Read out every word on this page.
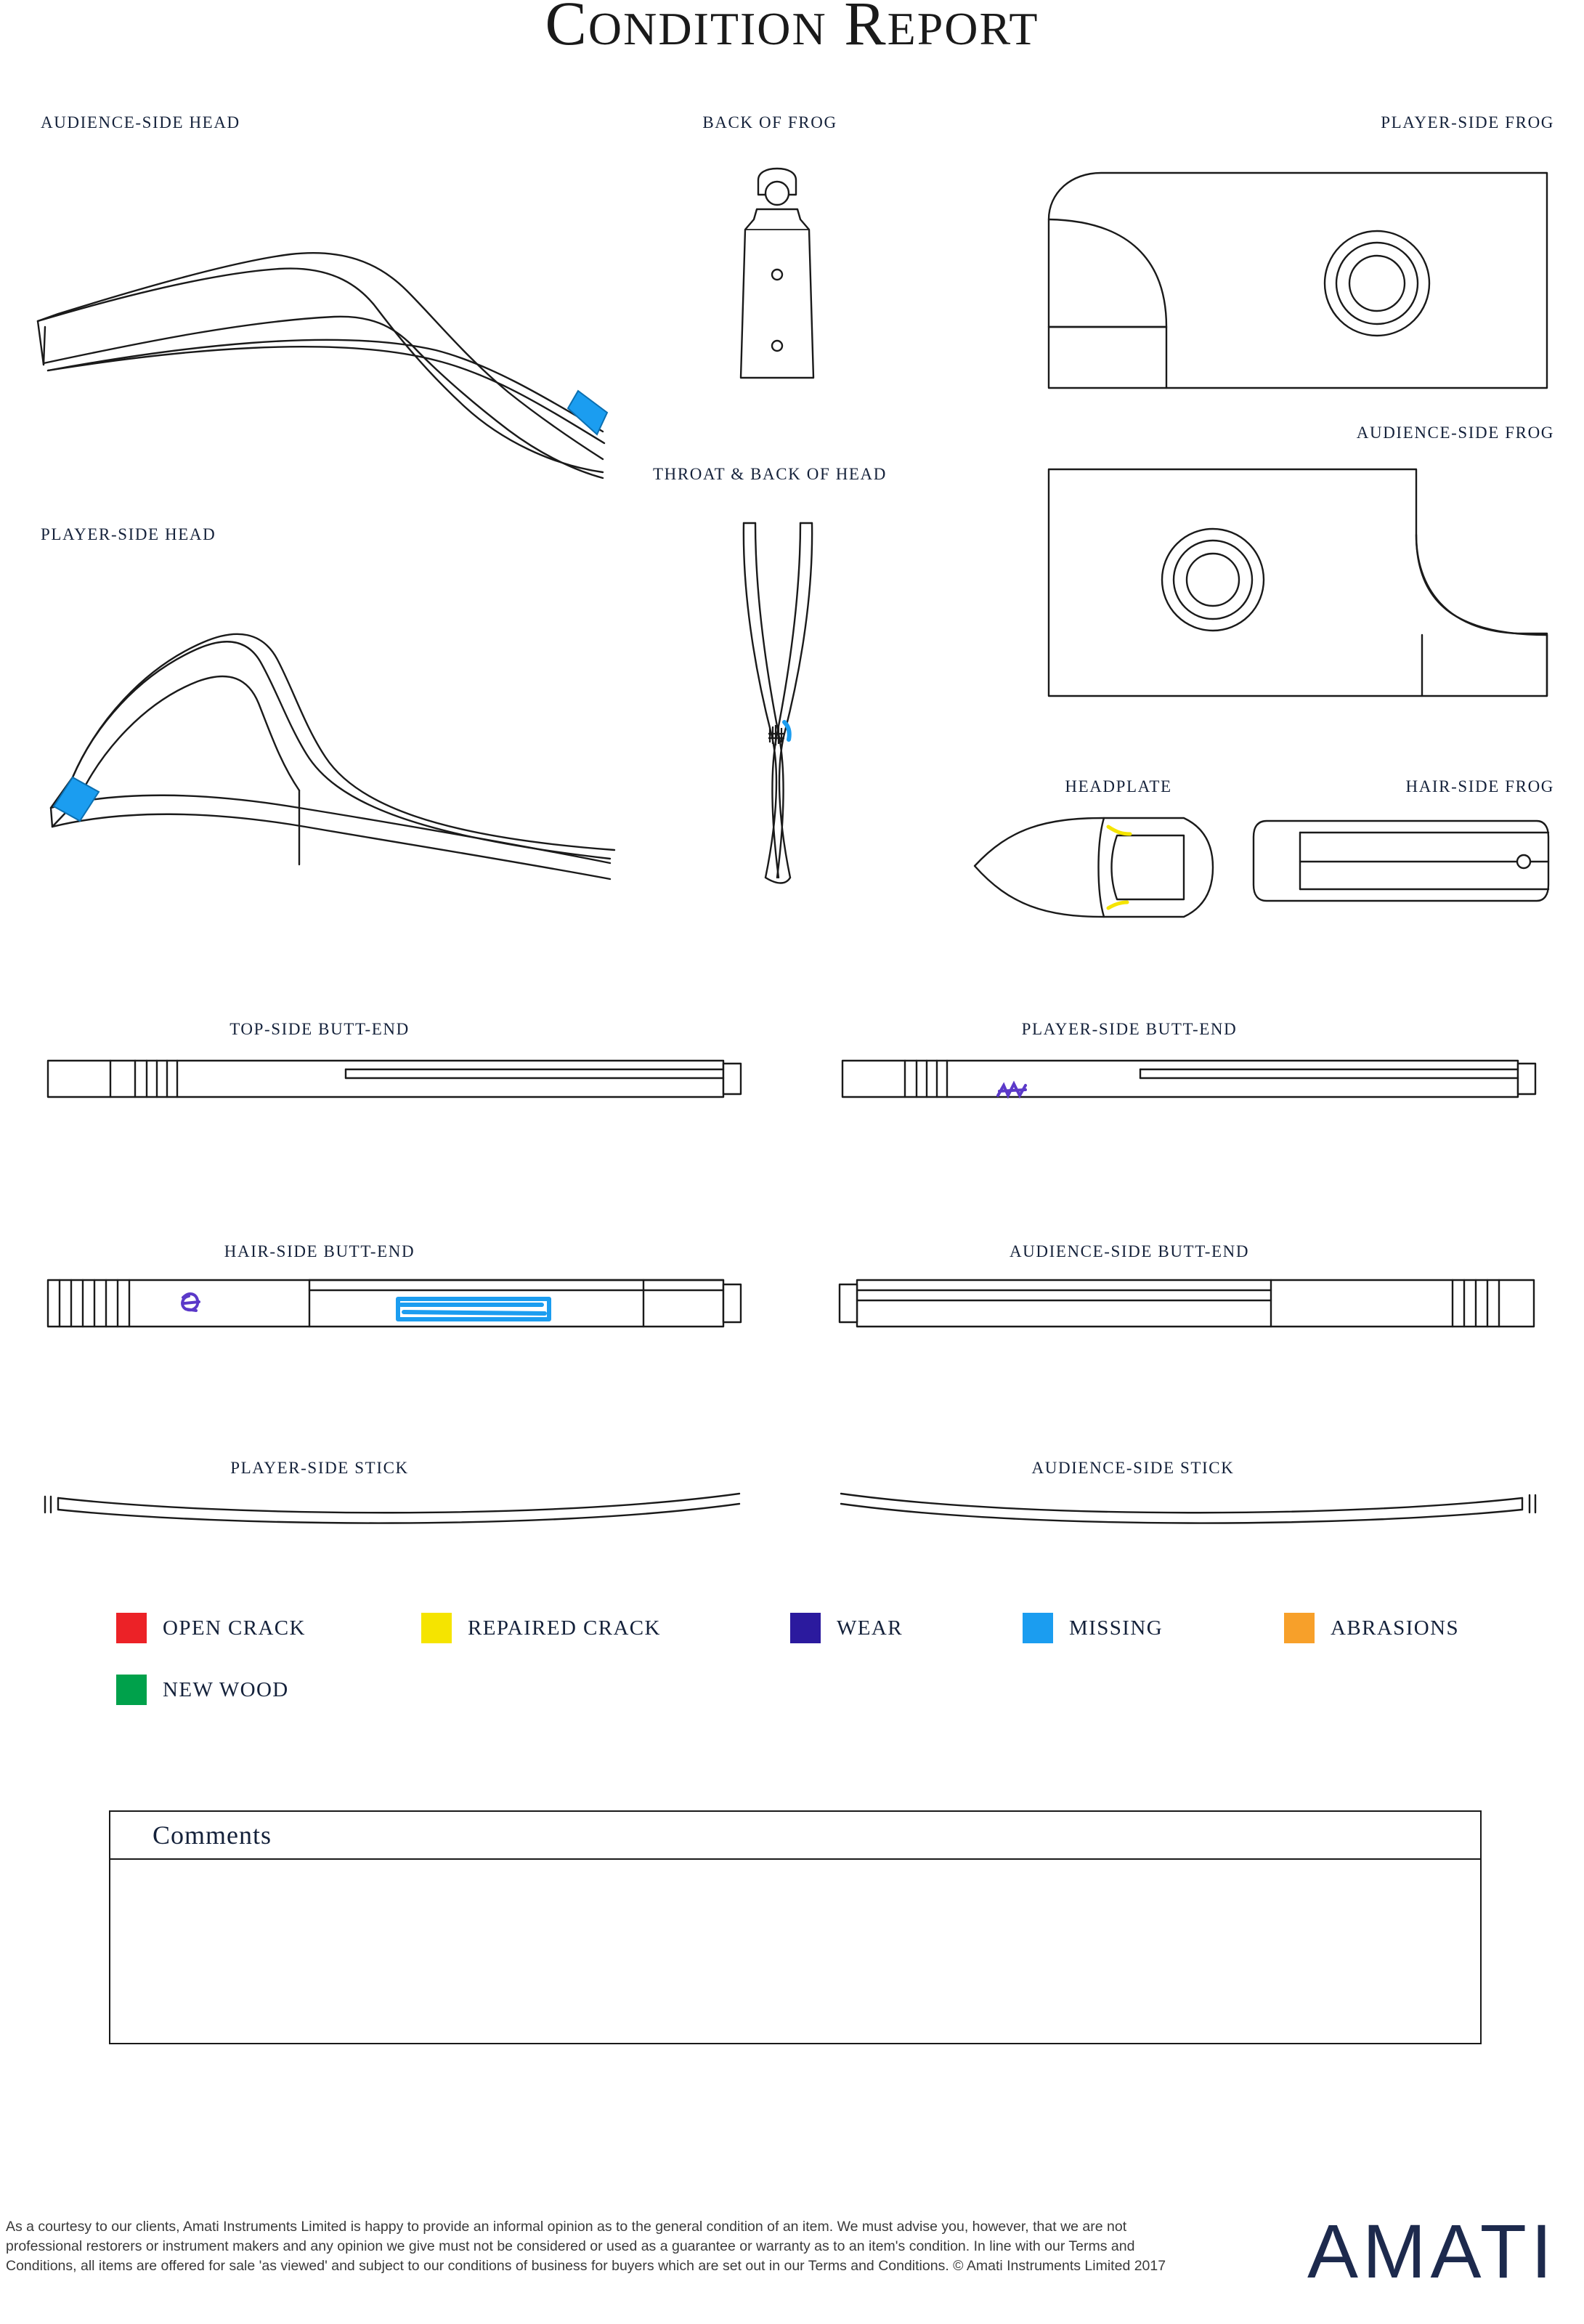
CONDITION REPORT
AUDIENCE-SIDE HEAD
PLAYER-SIDE HEAD
BACK OF FROG
THROAT & BACK OF HEAD
PLAYER-SIDE FROG
AUDIENCE-SIDE FROG
HEADPLATE	HAIR-SIDE FROG
TOP-SIDE BUTT-END	PLAYER-SIDE BUTT-END
HAIR-SIDE BUTT-END	AUDIENCE-SIDE BUTT-END
PLAYER-SIDE STICK	AUDIENCE-SIDE STICK
OPEN CRACK	REPAIRED CRACK	WEAR	MISSING	ABRASIONS
NEW WOOD
Comments
As a courtesy to our clients, Amati Instruments Limited is happy to provide an informal opinion as to the general condition of an item. We must advise you, however, that we are not professional restorers or instrument makers and any opinion we give must not be considered or used as a guarantee or warranty as to an item's condition. In line with our Terms and Conditions, all items are offered for sale 'as viewed' and subject to our conditions of business for buyers which are set out in our Terms and Conditions. © Amati Instruments Limited 2017 AMATI
